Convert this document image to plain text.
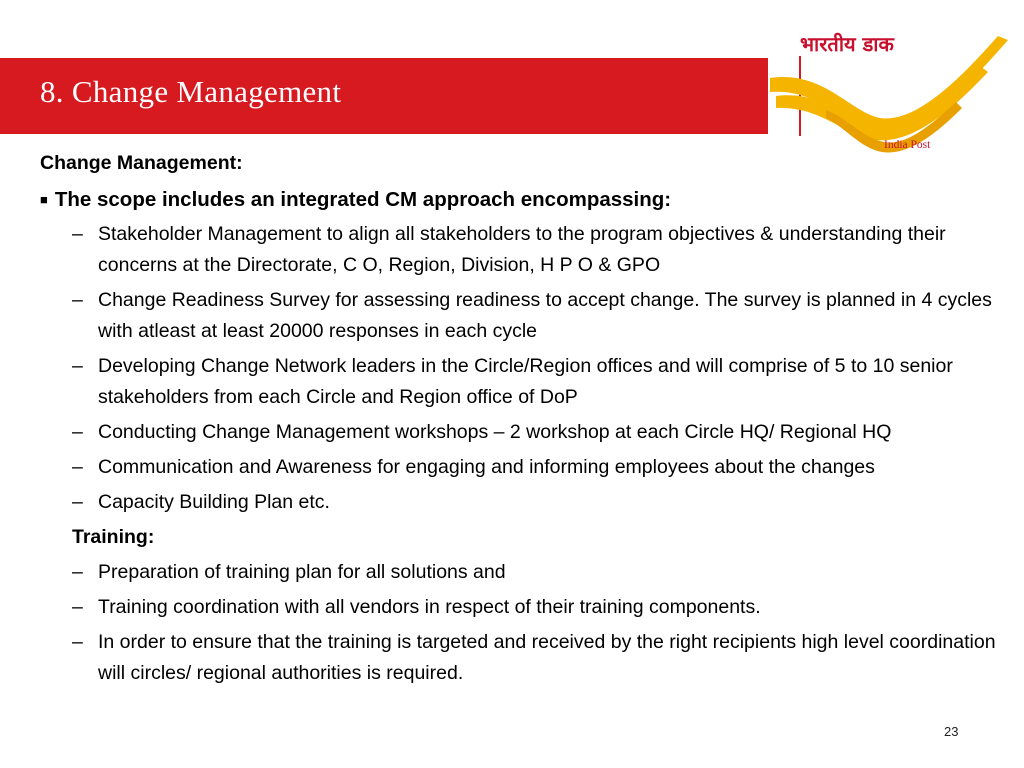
8. Change Management
भारतीय डाक
India Post
Change Management:
■ The scope includes an integrated CM approach encompassing:
– Stakeholder Management to align all stakeholders to the program objectives & understanding their concerns at the Directorate, C O, Region, Division, H P O & GPO
– Change Readiness Survey for assessing readiness to accept change. The survey is planned in 4 cycles with atleast at least 20000 responses in each cycle
– Developing Change Network leaders in the Circle/Region offices and will comprise of 5 to 10 senior stakeholders from each Circle and Region office of DoP
– Conducting Change Management workshops – 2 workshop at each Circle HQ/ Regional HQ
– Communication and Awareness for engaging and informing employees about the changes
– Capacity Building Plan etc.
Training:
– Preparation of training plan for all solutions and
– Training coordination with all vendors in respect of their training components.
– In order to ensure that the training is targeted and received by the right recipients high level coordination will circles/ regional authorities is required.
23
